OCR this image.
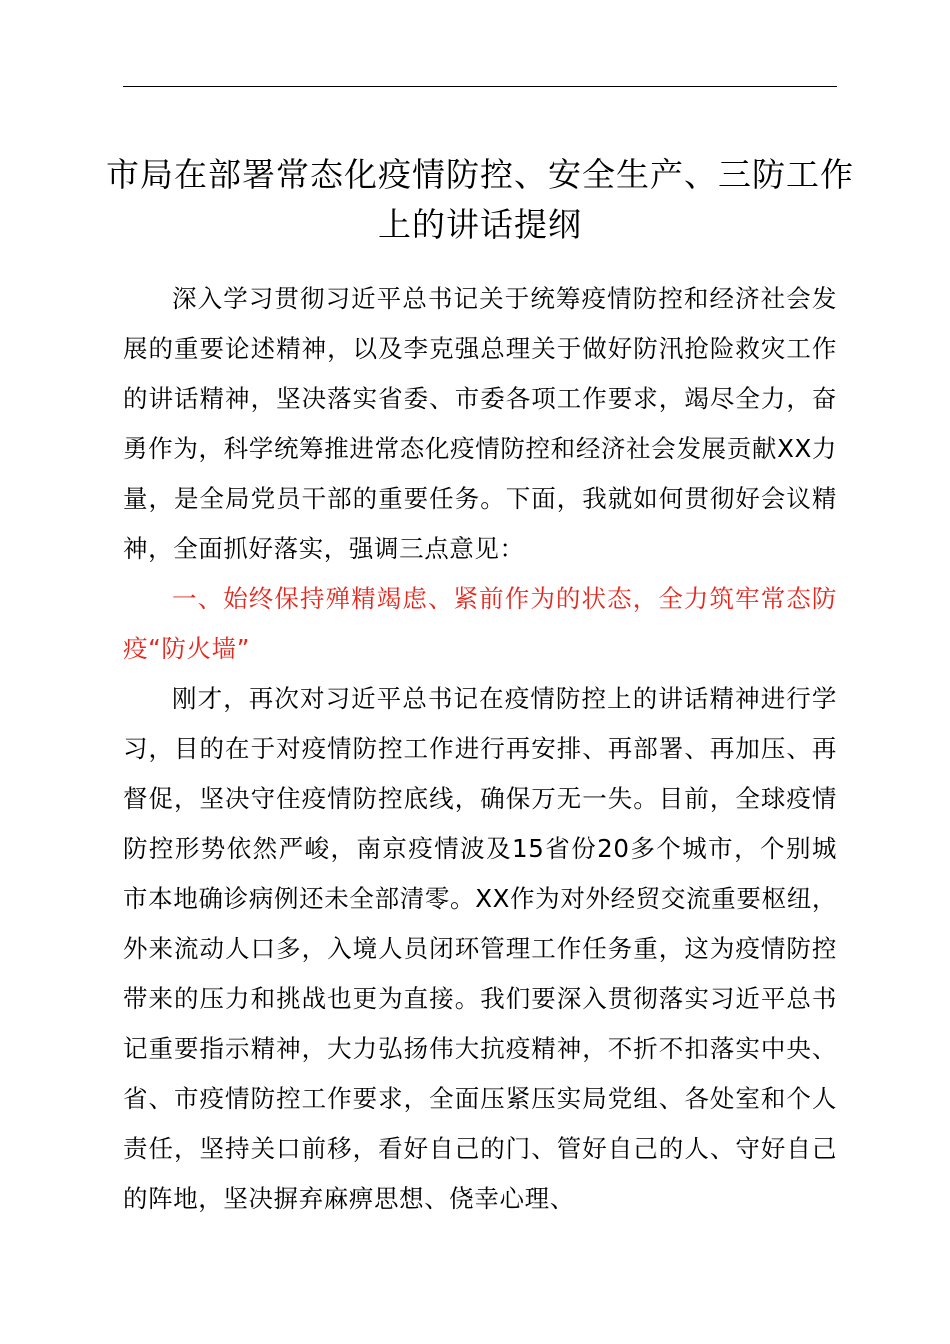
市局在部署常态化疫情防控、安全生产、三防工作上的讲话提纲

深入学习贯彻习近平总书记关于统筹疫情防控和经济社会发展的重要论述精神，以及李克强总理关于做好防汛抢险救灾工作的讲话精神，坚决落实省委、市委各项工作要求，竭尽全力，奋勇作为，科学统筹推进常态化疫情防控和经济社会发展贡献XX力量，是全局党员干部的重要任务。下面，我就如何贯彻好会议精神，全面抓好落实，强调三点意见：

一、始终保持殚精竭虑、紧前作为的状态，全力筑牢常态防疫“防火墙”

刚才，再次对习近平总书记在疫情防控上的讲话精神进行学习，目的在于对疫情防控工作进行再安排、再部署、再加压、再督促，坚决守住疫情防控底线，确保万无一失。目前，全球疫情防控形势依然严峻，南京疫情波及15省份20多个城市，个别城市本地确诊病例还未全部清零。XX作为对外经贸交流重要枢纽，外来流动人口多，入境人员闭环管理工作任务重，这为疫情防控带来的压力和挑战也更为直接。我们要深入贯彻落实习近平总书记重要指示精神，大力弘扬伟大抗疫精神，不折不扣落实中央、省、市疫情防控工作要求，全面压紧压实局党组、各处室和个人责任，坚持关口前移，看好自己的门、管好自己的人、守好自己的阵地，坚决摒弃麻痹思想、侥幸心理、
